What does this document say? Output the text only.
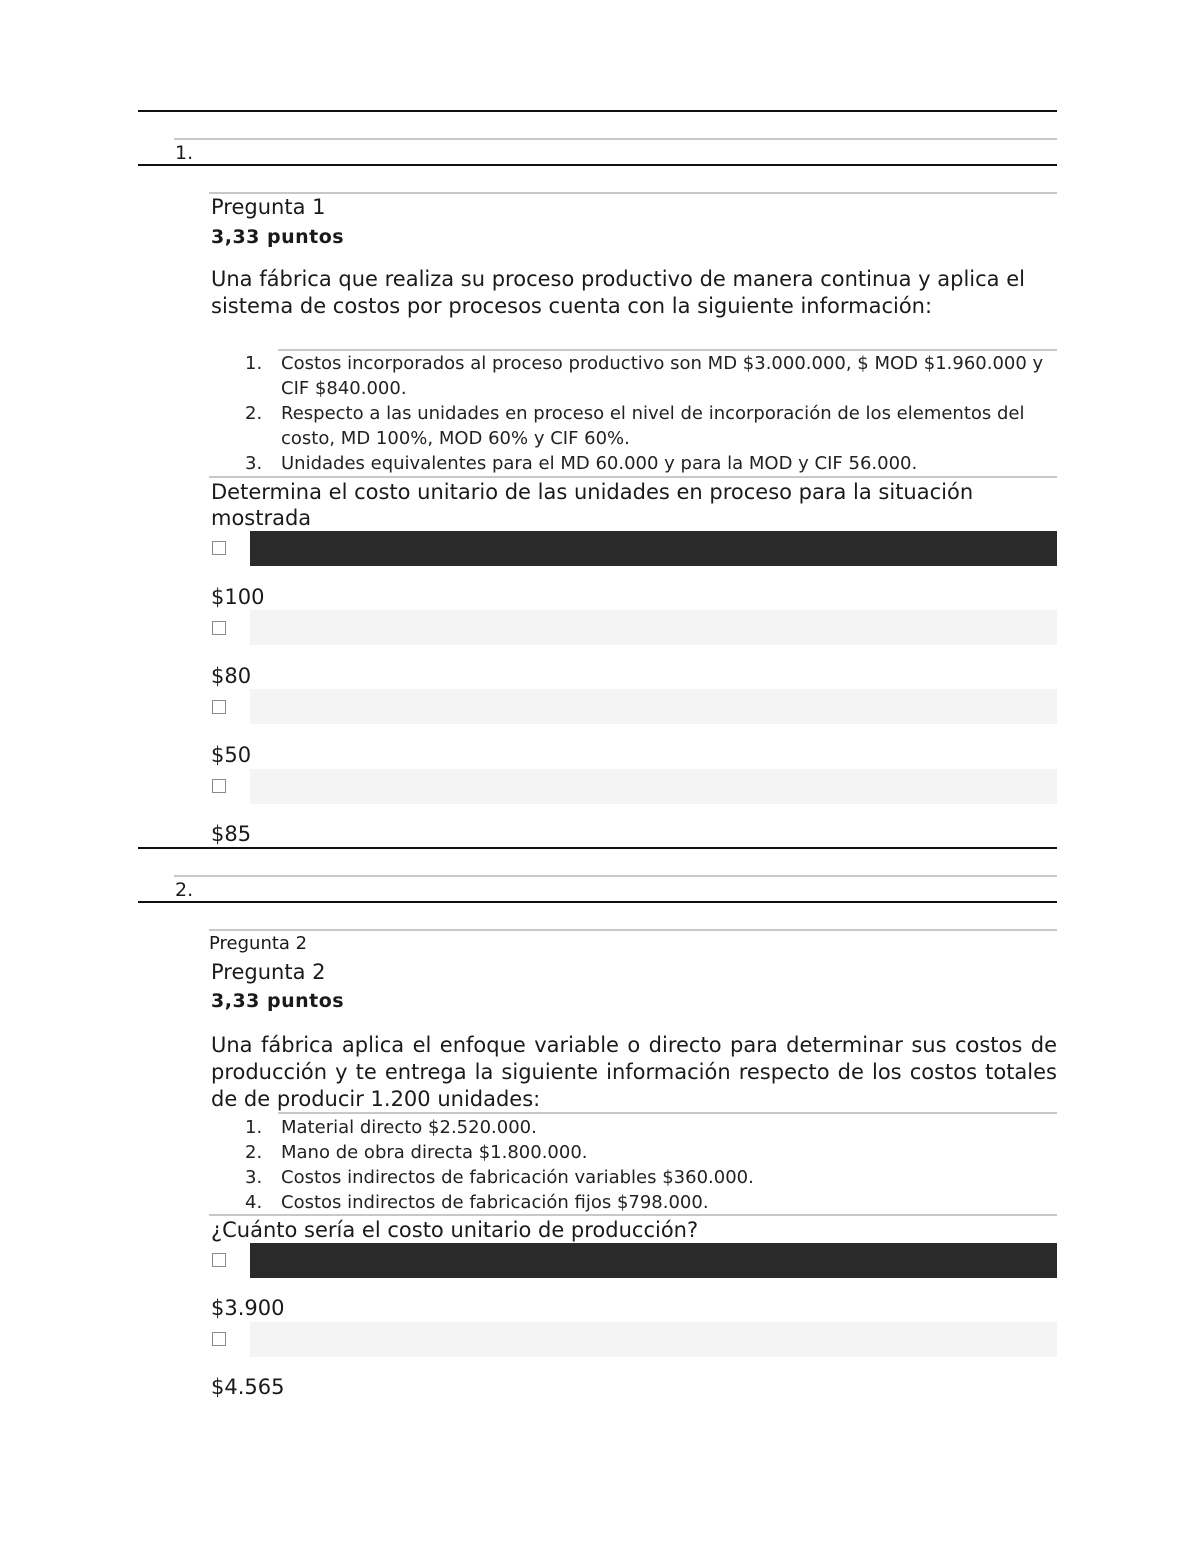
1.
Pregunta 1
3,33 puntos

Una fábrica que realiza su proceso productivo de manera continua y aplica el sistema de costos por procesos cuenta con la siguiente información:

1. Costos incorporados al proceso productivo son MD $3.000.000, $ MOD $1.960.000 y CIF $840.000.
2. Respecto a las unidades en proceso el nivel de incorporación de los elementos del costo, MD 100%, MOD 60% y CIF 60%.
3. Unidades equivalentes para el MD 60.000 y para la MOD y CIF 56.000.

Determina el costo unitario de las unidades en proceso para la situación mostrada

$100
$80
$50
$85
2.
Pregunta 2
Pregunta 2
3,33 puntos

Una fábrica aplica el enfoque variable o directo para determinar sus costos de producción y te entrega la siguiente información respecto de los costos totales de de producir 1.200 unidades:

1. Material directo $2.520.000.
2. Mano de obra directa $1.800.000.
3. Costos indirectos de fabricación variables $360.000.
4. Costos indirectos de fabricación fijos $798.000.

¿Cuánto sería el costo unitario de producción?

$3.900
$4.565
